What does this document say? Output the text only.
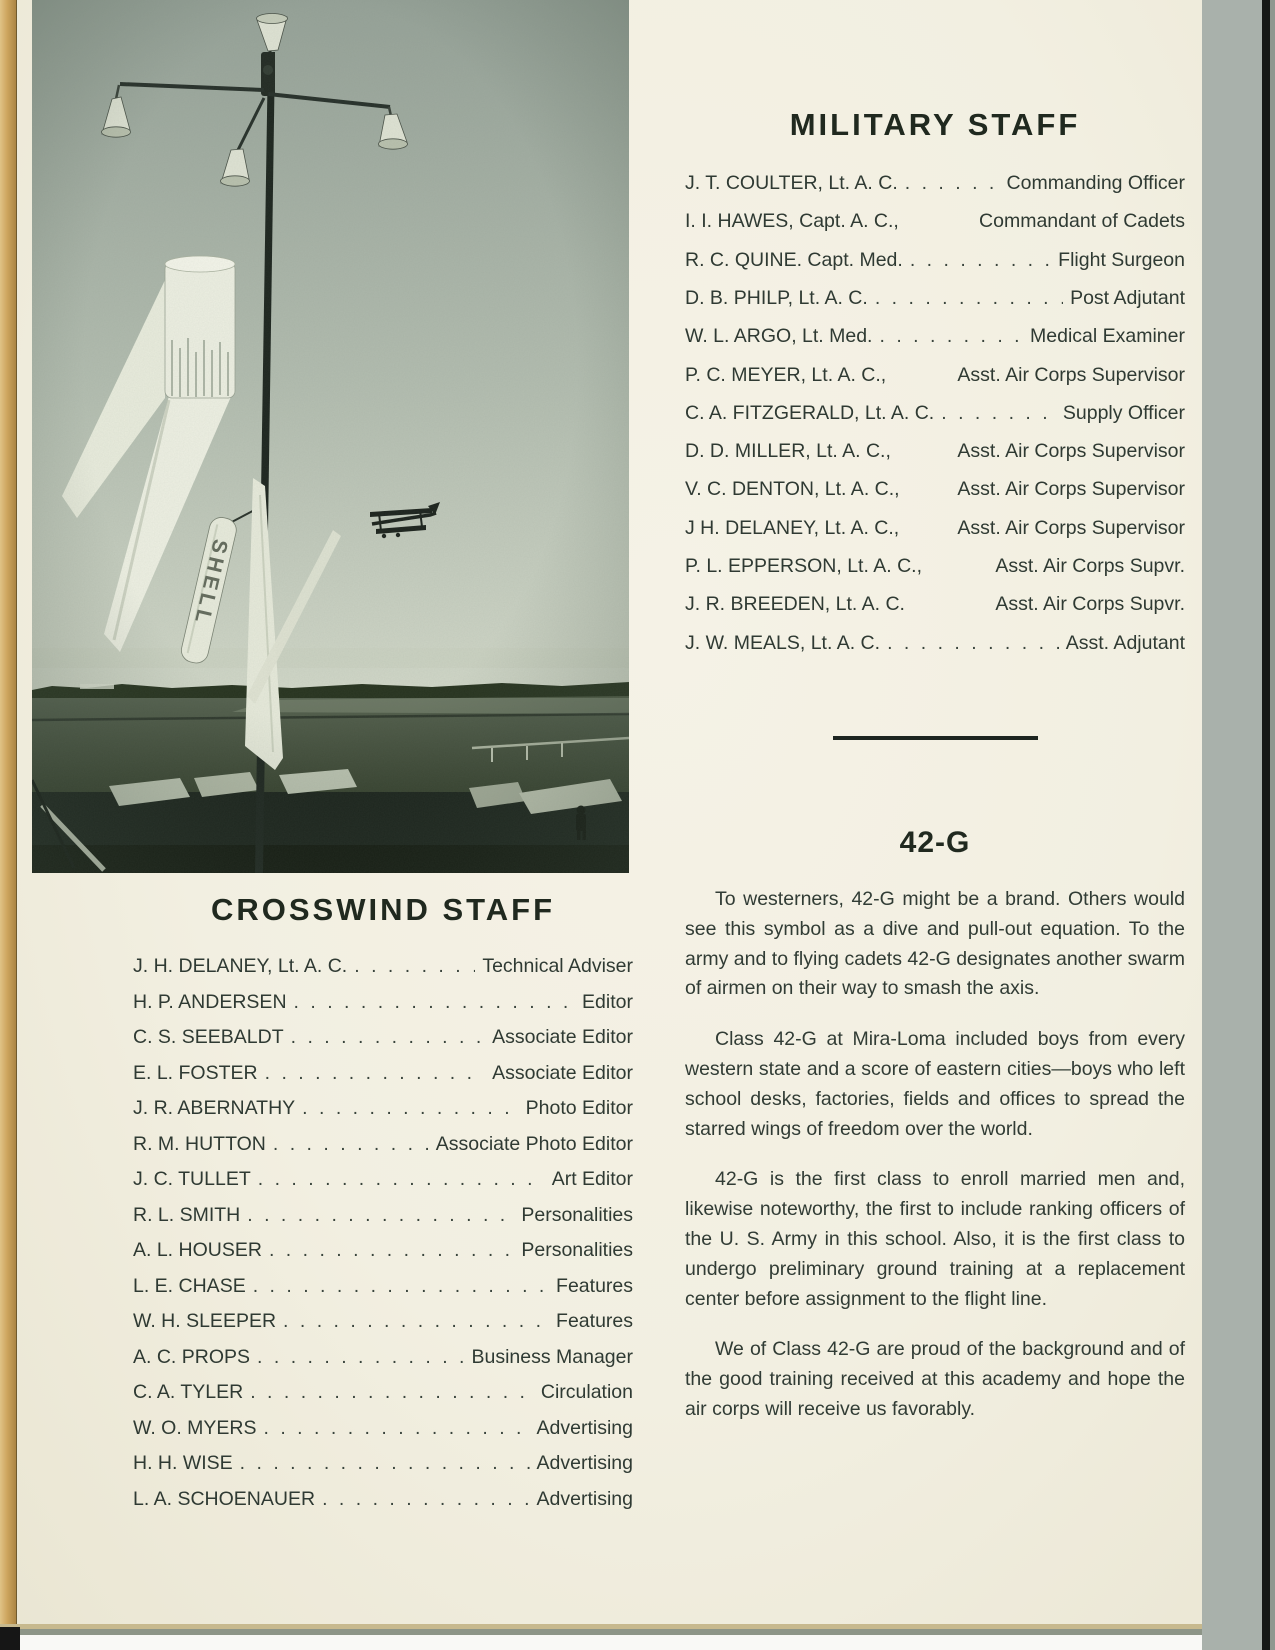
CROSSWIND STAFF
J. H. DELANEY, Lt. A. C. . . .	Technical Adviser
H. P. ANDERSEN . . .	Editor
C. S. SEEBALDT . . .	Associate Editor
E. L. FOSTER . . .	Associate Editor
J. R. ABERNATHY . . .	Photo Editor
R. M. HUTTON . . .	Associate Photo Editor
J. C. TULLET . . .	Art Editor
R. L. SMITH . . .	Personalities
A. L. HOUSER . . .	Personalities
L. E. CHASE . . .	Features
W. H. SLEEPER . . .	Features
A. C. PROPS . . .	Business Manager
C. A. TYLER . . .	Circulation
W. O. MYERS . . .	Advertising
H. H. WISE . . .	Advertising
L. A. SCHOENAUER . . .	Advertising
MILITARY STAFF
J. T. COULTER, Lt. A. C. . . .	Commanding Officer
I. I. HAWES, Capt. A. C.,	Commandant of Cadets
R. C. QUINE. Capt. Med. . . .	Flight Surgeon
D. B. PHILP, Lt. A. C. . . .	Post Adjutant
W. L. ARGO, Lt. Med. . . .	Medical Examiner
P. C. MEYER, Lt. A. C.,	Asst. Air Corps Supervisor
C. A. FITZGERALD, Lt. A. C. . . .	Supply Officer
D. D. MILLER, Lt. A. C.,	Asst. Air Corps Supervisor
V. C. DENTON, Lt. A. C.,	Asst. Air Corps Supervisor
J H. DELANEY, Lt. A. C.,	Asst. Air Corps Supervisor
P. L. EPPERSON, Lt. A. C.,	Asst. Air Corps Supvr.
J. R. BREEDEN, Lt. A. C.	Asst. Air Corps Supvr.
J. W. MEALS, Lt. A. C. . . .	Asst. Adjutant
42-G

To westerners, 42-G might be a brand. Others would see this symbol as a dive and pull-out equation. To the army and to flying cadets 42-G designates another swarm of airmen on their way to smash the axis.

Class 42-G at Mira-Loma included boys from every western state and a score of eastern cities—boys who left school desks, factories, fields and offices to spread the starred wings of freedom over the world.

42-G is the first class to enroll married men and, likewise noteworthy, the first to include ranking officers of the U. S. Army in this school. Also, it is the first class to undergo preliminary ground training at a replacement center before assignment to the flight line.

We of Class 42-G are proud of the background and of the good training received at this academy and hope the air corps will receive us favorably.
